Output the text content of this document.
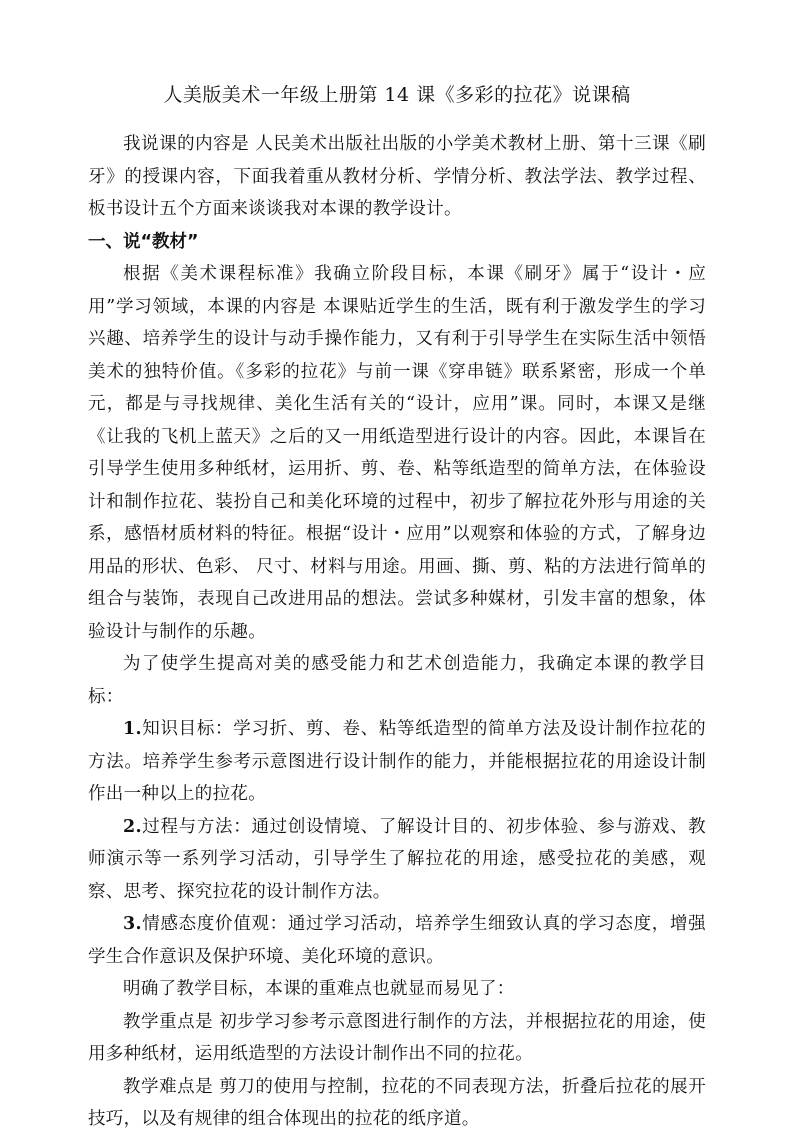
人美版美术一年级上册第 14 课《多彩的拉花》说课稿

我说课的内容是 人民美术出版社出版的小学美术教材上册、第十三课《刷牙》的授课内容，下面我着重从教材分析、学情分析、教法学法、教学过程、板书设计五个方面来谈谈我对本课的教学设计。

一、说“教材”

根据《美术课程标准》我确立阶段目标，本课《刷牙》属于“设计・应用”学习领域，本课的内容是 本课贴近学生的生活，既有利于激发学生的学习兴趣、培养学生的设计与动手操作能力，又有利于引导学生在实际生活中领悟美术的独特价值。《多彩的拉花》与前一课《穿串链》联系紧密，形成一个单元，都是与寻找规律、美化生活有关的“设计，应用”课。同时，本课又是继《让我的飞机上蓝天》之后的又一用纸造型进行设计的内容。因此，本课旨在引导学生使用多种纸材，运用折、剪、卷、粘等纸造型的简单方法，在体验设计和制作拉花、装扮自己和美化环境的过程中，初步了解拉花外形与用途的关系，感悟材质材料的特征。根据“设计・应用”以观察和体验的方式，了解身边用品的形状、色彩、 尺寸、材料与用途。用画、撕、剪、粘的方法进行简单的组合与装饰，表现自己改进用品的想法。尝试多种媒材，引发丰富的想象，体验设计与制作的乐趣。

为了使学生提高对美的感受能力和艺术创造能力，我确定本课的教学目标：

1.知识目标：学习折、剪、卷、粘等纸造型的简单方法及设计制作拉花的方法。培养学生参考示意图进行设计制作的能力，并能根据拉花的用途设计制作出一种以上的拉花。

2.过程与方法：通过创设情境、了解设计目的、初步体验、参与游戏、教师演示等一系列学习活动，引导学生了解拉花的用途，感受拉花的美感，观察、思考、探究拉花的设计制作方法。

3.情感态度价值观：通过学习活动，培养学生细致认真的学习态度，增强学生合作意识及保护环境、美化环境的意识。

明确了教学目标，本课的重难点也就显而易见了：

教学重点是 初步学习参考示意图进行制作的方法，并根据拉花的用途，使用多种纸材，运用纸造型的方法设计制作出不同的拉花。

教学难点是 剪刀的使用与控制，拉花的不同表现方法，折叠后拉花的展开技巧，以及有规律的组合体现出的拉花的纸序道。
